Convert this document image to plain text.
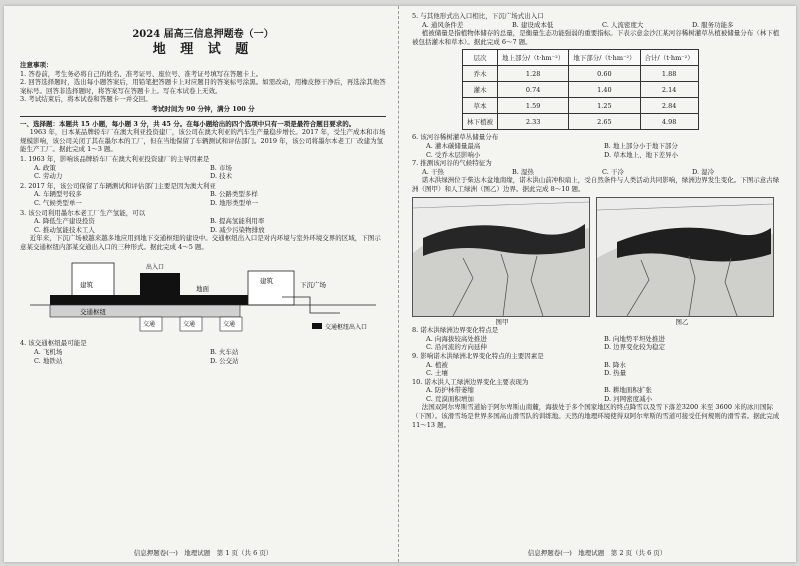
2024 届高三信息押题卷（一）
地 理 试 题
注意事项：

1. 答卷前，考生务必将自己的姓名、准考证号、座位号、准考证号填写在答题卡上。

2. 回答选择题时，选出每小题答案后，用铅笔把答题卡上对应题目的答案标号涂黑。如需改动，用橡皮擦干净后，再选涂其他答案标号。回答非选择题时，将答案写在答题卡上。写在本试卷上无效。

3. 考试结束后，将本试卷和答题卡一并交回。

考试时间为 90 分钟，满分 100 分

一、选择题：本题共 15 小题，每小题 3 分，共 45 分。在每小题给出的四个选项中只有一项是最符合题目要求的。

1963 年，日本某品牌轿车厂在澳大利亚投资建厂，该公司在澳大利亚的汽车生产量稳步增长。2017 年，受生产成本和市场规模影响，该公司关闭了其在墨尔本的工厂，但在当地保留了车辆测试和评估部门。2019 年，该公司将墨尔本老工厂改建为氢能生产工厂。据此完成 1～3 题。

1. 1963 年，影响该品牌轿车厂在澳大利亚投资建厂的主导因素是

A. 政策	B. 市场
C. 劳动力	D. 技术

2. 2017 年，该公司保留了车辆测试和评估部门主要是因为澳大利亚

A. 车辆型号较多	B. 公路类型多样
C. 气候类型单一	D. 地形类型单一

3. 该公司利用墨尔本老工厂生产氢能，可以

A. 降低生产建设投资	B. 提高氢能利用率
C. 推动氢能技术工人	D. 减少污染物排放

近年来，下沉广场被越来越多地应用到地下交通枢纽的建设中。交通枢纽出入口是对内环境与室外环境交界的区域，下图示意某交通枢纽内部某交通出入口的三种形式。据此完成 4～5 题。

建筑	地面	下沉广场
交通枢纽
交通	交通	交通
建筑
出入口
交通枢纽出入口

4. 该交通枢纽最可能是

A. 飞机场	B. 火车站
C. 地铁站	D. 公交站
信息押题卷(一)　地理试题　第 1 页（共 6 页）

5. 与其他形式出入口相比，下沉广场式出入口

A. 通风条件差	B. 建设成本低	C. 人流密度大	D. 服务功能多

植被储量是指植物体储存的总量，是衡量生态功能强弱的重要指标。下表示意金沙江某河谷稀树灌草丛植被储量分布（林下植被包括灌木和草本）。据此完成 6～7 题。

层次	地上部分/（t·hm⁻²）	地下部分/（t·hm⁻²）	合计/（t·hm⁻²）
乔木	1.28	0.60	1.88
灌木	0.74	1.40	2.14
草本	1.59	1.25	2.84
林下植被	2.33	2.65	4.98

6. 该河谷稀树灌草丛储量分布

A. 灌木碳储量最高	B. 地上部分小于地下部分
C. 受乔木层影响小	D. 草本地上、地下差异小

7. 推测该河谷的气候特征为

A. 干热	B. 湿热	C. 干冷	D. 湿冷

诺木洪绿洲位于柴达木盆地南缘，诺木洪山前冲积扇上，受自然条件与人类活动共同影响，绿洲边界发生变化。下图示意古绿洲（图甲）和人工绿洲（图乙）边界。据此完成 8～10 题。

图甲	图乙

8. 诺木洪绿洲边界变化特点是

A. 向海拔较高处推进	B. 向地势平坦处推进
C. 沿河流的方向延伸	D. 边界变化较为稳定

9. 影响诺木洪绿洲北界变化特点的主要因素是

A. 植被	B. 降水
C. 土壤	D. 热量

10. 诺木洪人工绿洲边界变化主要表现为

A. 防护林带萎缩	B. 耕地面积扩张
C. 荒漠面积增加	D. 河网密度减小

法国双阿尔卑斯雪道始于阿尔卑斯山南麓，海拔处于多个国家地区的终点降雪以及雪下落差3200 米至 3600 米的冰川国际（下图）。该滑雪场是世界多国高山滑雪队的训练地。天然的地理环境使得双阿尔卑斯的雪道可接受任何规则的滑雪者。据此完成 11～13 题。

信息押题卷(一)　地理试题　第 2 页（共 6 页）
